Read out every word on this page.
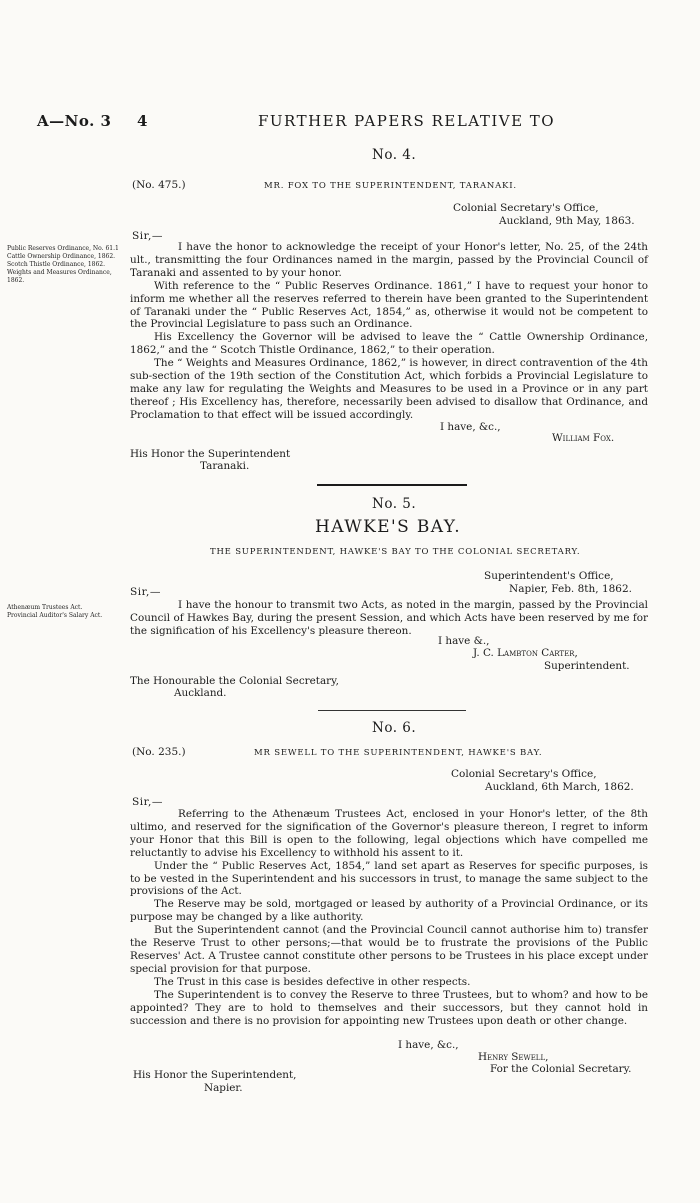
A—No. 3 4	FURTHER PAPERS RELATIVE TO
No. 4.
(No. 475.)	MR. FOX TO THE SUPERINTENDENT, TARANAKI.
Colonial Secretary's Office,
Auckland, 9th May, 1863.
Sir,—
Public Reserves Ordinance, No. 61.1
Cattle Ownership Ordinance, 1862.
Scotch Thistle Ordinance, 1862.
Weights and Measures Ordinance, 1862.

I have the honor to acknowledge the receipt of your Honor's letter, No. 25, of the 24th ult., transmitting the four Ordinances named in the margin, passed by the Provincial Council of Taranaki and assented to by your honor.

With reference to the “ Public Reserves Ordinance. 1861,” I have to request your honor to inform me whether all the reserves referred to therein have been granted to the Superintendent of Taranaki under the “ Public Reserves Act, 1854,” as, otherwise it would not be competent to the Provincial Legislature to pass such an Ordinance.

His Excellency the Governor will be advised to leave the “ Cattle Ownership Ordinance, 1862,” and the “ Scotch Thistle Ordinance, 1862,” to their operation.

The “ Weights and Measures Ordinance, 1862,” is however, in direct contravention of the 4th sub-section of the 19th section of the Constitution Act, which forbids a Provincial Legislature to make any law for regulating the Weights and Measures to be used in a Province or in any part thereof ; His Excellency has, therefore, necessarily been advised to disallow that Ordinance, and Proclamation to that effect will be issued accordingly.

I have, &c.,
William Fox.
His Honor the Superintendent
Taranaki.
No. 5.
HAWKE'S BAY.
THE SUPERINTENDENT, HAWKE'S BAY TO THE COLONIAL SECRETARY.
Superintendent's Office,
Napier, Feb. 8th, 1862.
Sir,—
Athenæum Trustees Act.
Provincial Auditor's Salary Act.

I have the honour to transmit two Acts, as noted in the margin, passed by the Provincial Council of Hawkes Bay, during the present Session, and which Acts have been reserved by me for the signification of his Excellency's pleasure thereon.

I have &.,
J. C. Lambton Carter,
Superintendent.
The Honourable the Colonial Secretary,
Auckland.
No. 6.
(No. 235.)	MR SEWELL TO THE SUPERINTENDENT, HAWKE'S BAY.
Colonial Secretary's Office,
Auckland, 6th March, 1862.
Sir,—

Referring to the Athenæum Trustees Act, enclosed in your Honor's letter, of the 8th ultimo, and reserved for the signification of the Governor's pleasure thereon, I regret to inform your Honor that this Bill is open to the following, legal objections which have compelled me reluctantly to advise his Excellency to withhold his assent to it.

Under the “ Public Reserves Act, 1854,” land set apart as Reserves for specific purposes, is to be vested in the Superintendent and his successors in trust, to manage the same subject to the provisions of the Act.

The Reserve may be sold, mortgaged or leased by authority of a Provincial Ordinance, or its purpose may be changed by a like authority.

But the Superintendent cannot (and the Provincial Council cannot authorise him to) transfer the Reserve Trust to other persons;—that would be to frustrate the provisions of the Public Reserves' Act. A Trustee cannot constitute other persons to be Trustees in his place except under special provision for that purpose.

The Trust in this case is besides defective in other respects.

The Superintendent is to convey the Reserve to three Trustees, but to whom? and how to be appointed? They are to hold to themselves and their successors, but they cannot hold in succession and there is no provision for appointing new Trustees upon death or other change.

I have, &c.,
Henry Sewell,
For the Colonial Secretary.
His Honor the Superintendent,
Napier.
